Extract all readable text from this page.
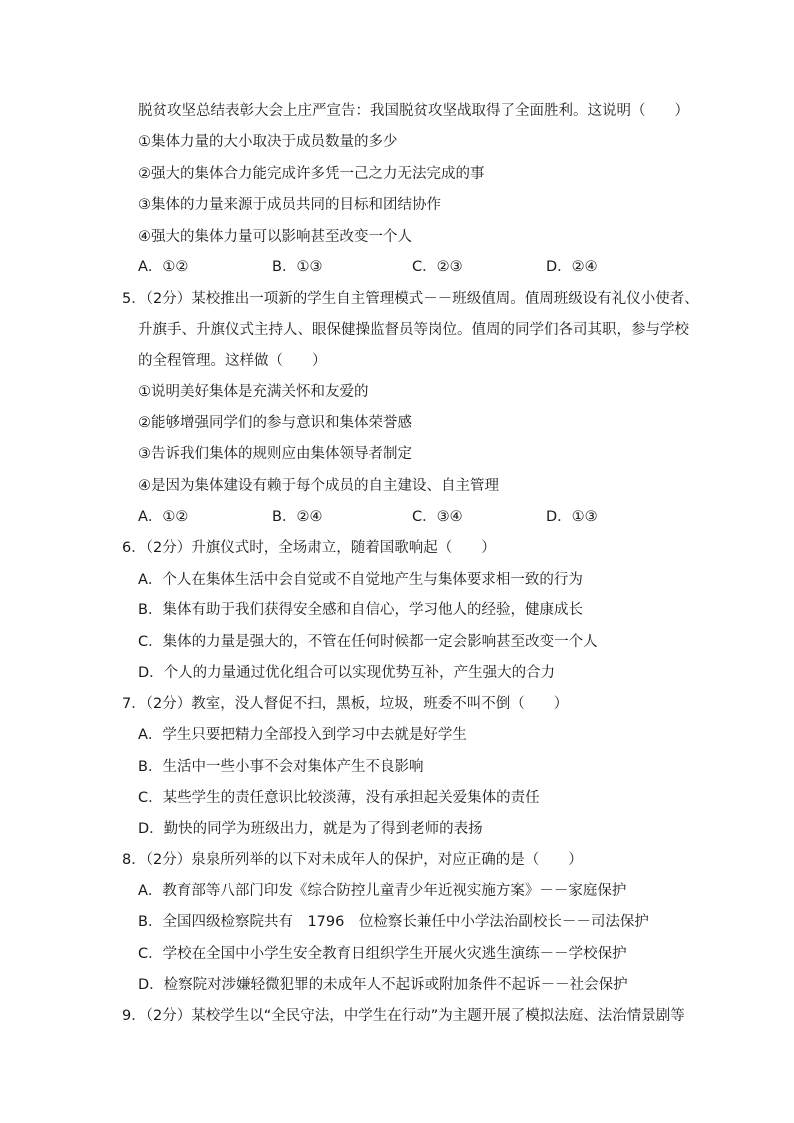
脱贫攻坚总结表彰大会上庄严宣告：我国脱贫攻坚战取得了全面胜利。这说明（　　）
①集体力量的大小取决于成员数量的多少
②强大的集体合力能完成许多凭一己之力无法完成的事
③集体的力量来源于成员共同的目标和团结协作
④强大的集体力量可以影响甚至改变一个人
A．①②	B．①③	C．②③	D．②④
5．（2分）某校推出一项新的学生自主管理模式－－班级值周。值周班级设有礼仪小使者、
升旗手、升旗仪式主持人、眼保健操监督员等岗位。值周的同学们各司其职，参与学校
的全程管理。这样做（　　）
①说明美好集体是充满关怀和友爱的
②能够增强同学们的参与意识和集体荣誉感
③告诉我们集体的规则应由集体领导者制定
④是因为集体建设有赖于每个成员的自主建设、自主管理
A．①②	B．②④	C．③④	D．①③
6．（2分）升旗仪式时，全场肃立，随着国歌响起（　　）
A．个人在集体生活中会自觉或不自觉地产生与集体要求相一致的行为
B．集体有助于我们获得安全感和自信心，学习他人的经验，健康成长
C．集体的力量是强大的，不管在任何时候都一定会影响甚至改变一个人
D．个人的力量通过优化组合可以实现优势互补，产生强大的合力
7．（2分）教室，没人督促不扫，黑板，垃圾，班委不叫不倒（　　）
A．学生只要把精力全部投入到学习中去就是好学生
B．生活中一些小事不会对集体产生不良影响
C．某些学生的责任意识比较淡薄，没有承担起关爱集体的责任
D．勤快的同学为班级出力，就是为了得到老师的表扬
8．（2分）泉泉所列举的以下对未成年人的保护，对应正确的是（　　）
A．教育部等八部门印发《综合防控儿童青少年近视实施方案》－－家庭保护
B．全国四级检察院共有　1796　位检察长兼任中小学法治副校长－－司法保护
C．学校在全国中小学生安全教育日组织学生开展火灾逃生演练－－学校保护
D．检察院对涉嫌轻微犯罪的未成年人不起诉或附加条件不起诉－－社会保护
9．（2分）某校学生以“全民守法，中学生在行动”为主题开展了模拟法庭、法治情景剧等
